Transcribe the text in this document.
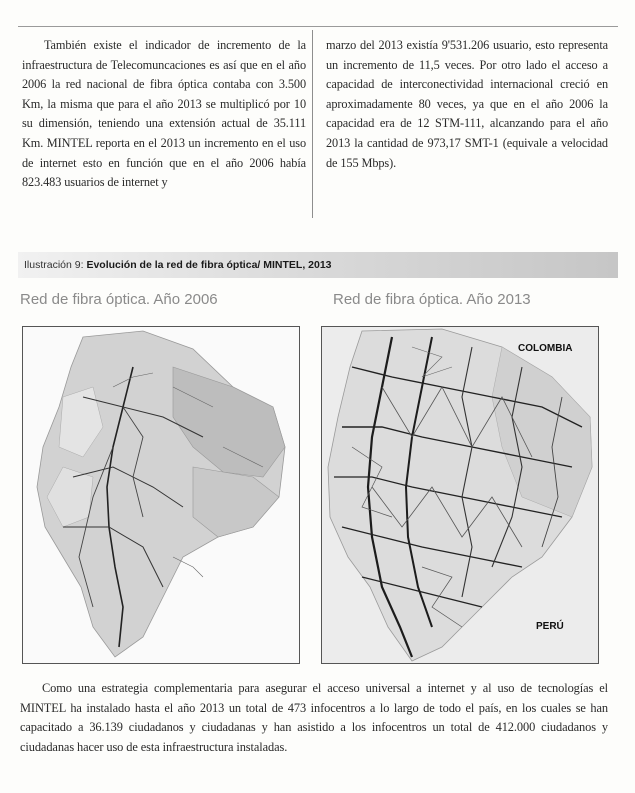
También existe el indicador de incremento de la infraestructura de Telecomuncaciones es así que en el año 2006 la red nacional de fibra óptica contaba con 3.500 Km, la misma que para el año 2013 se multiplicó por 10 su dimensión, teniendo una extensión actual de 35.111 Km. MINTEL reporta en el 2013 un incremento en el uso de internet esto en función que en el año 2006 había 823.483 usuarios de internet y

marzo del 2013 existía 9'531.206 usuario, esto representa un incremento de 11,5 veces. Por otro lado el acceso a capacidad de interconectividad internacional creció en aproximadamente 80 veces, ya que en el año 2006 la capacidad era de 12 STM-111, alcanzando para el año 2013 la cantidad de 973,17 SMT-1 (equivale a velocidad de 155 Mbps).

Ilustración 9: Evolución de la red de fibra óptica/ MINTEL, 2013
Red de fibra óptica. Año 2006	Red de fibra óptica. Año 2013
COLOMBIA
PERÚ

Como una estrategia complementaria para asegurar el acceso universal a internet y al uso de tecnologías el MINTEL ha instalado hasta el año 2013 un total de 473 infocentros a lo largo de todo el país, en los cuales se han capacitado a 36.139 ciudadanos y ciudadanas y han asistido a los infocentros un total de 412.000 ciudadanos y ciudadanas hacer uso de esta infraestructura instaladas.
